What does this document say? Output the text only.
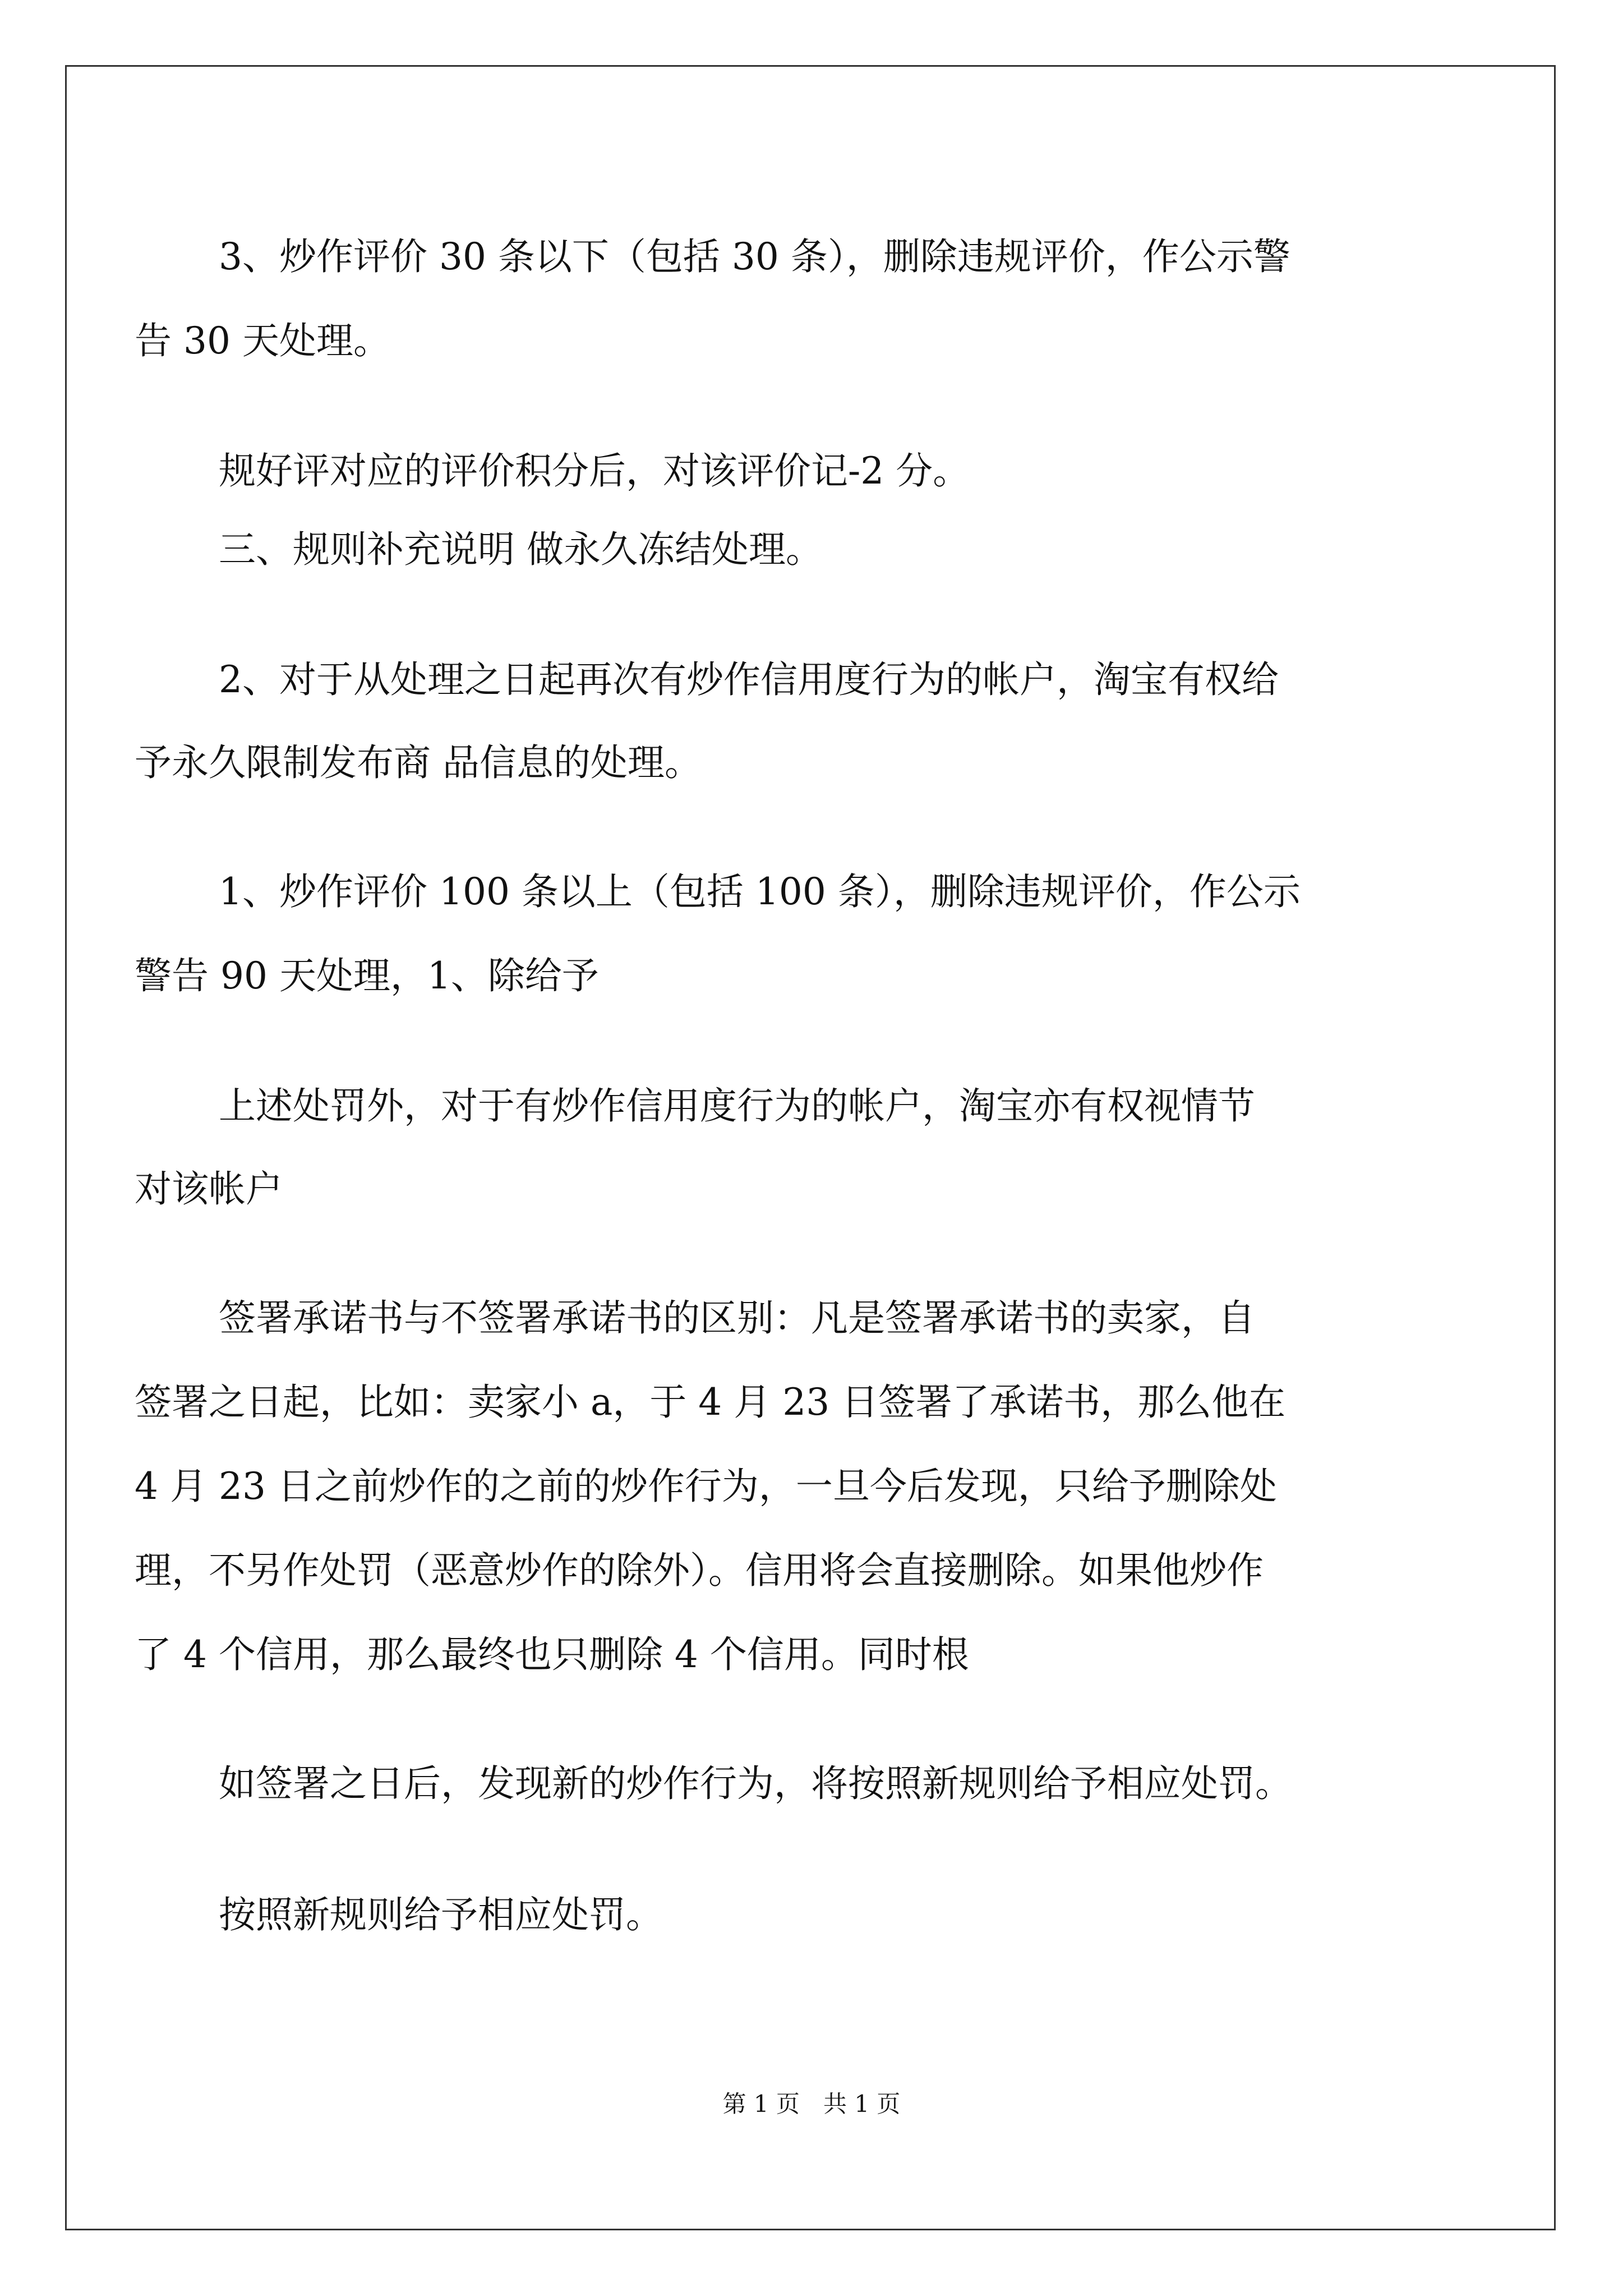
3、炒作评价 30 条以下（包括 30 条），删除违规评价，作公示警
告 30 天处理。
规好评对应的评价积分后，对该评价记-2 分。
三、规则补充说明 做永久冻结处理。
2、对于从处理之日起再次有炒作信用度行为的帐户，淘宝有权给
予永久限制发布商 品信息的处理。
1、炒作评价 100 条以上（包括 100 条），删除违规评价，作公示
警告 90 天处理，1、除给予
上述处罚外，对于有炒作信用度行为的帐户，淘宝亦有权视情节
对该帐户
签署承诺书与不签署承诺书的区别：凡是签署承诺书的卖家，自
签署之日起，比如：卖家小 a，于 4 月 23 日签署了承诺书，那么他在
4 月 23 日之前炒作的之前的炒作行为，一旦今后发现，只给予删除处
理，不另作处罚（恶意炒作的除外）。信用将会直接删除。如果他炒作
了 4 个信用，那么最终也只删除 4 个信用。同时根
如签署之日后，发现新的炒作行为，将按照新规则给予相应处罚。
按照新规则给予相应处罚。
第 1 页　共 1 页
